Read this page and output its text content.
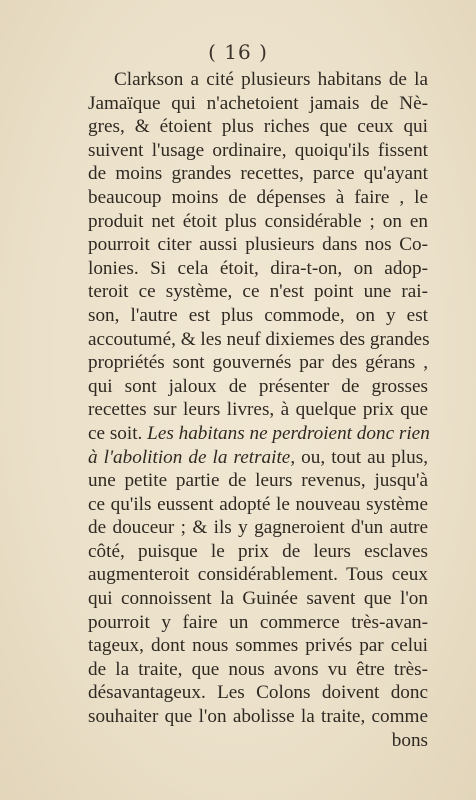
( 16 )
Clarkson a cité plusieurs habitans de la
Jamaïque qui n'achetoient jamais de Nè-
gres, & étoient plus riches que ceux qui
suivent l'usage ordinaire, quoiqu'ils fissent
de moins grandes recettes, parce qu'ayant
beaucoup moins de dépenses à faire , le
produit net étoit plus considérable ; on en
pourroit citer aussi plusieurs dans nos Co-
lonies. Si cela étoit, dira-t-on, on adop-
teroit ce système, ce n'est point une rai-
son, l'autre est plus commode, on y est
accoutumé, & les neuf dixiemes des grandes
propriétés sont gouvernés par des gérans ,
qui sont jaloux de présenter de grosses
recettes sur leurs livres, à quelque prix que
ce soit. Les habitans ne perdroient donc rien
à l'abolition de la retraite, ou, tout au plus,
une petite partie de leurs revenus, jusqu'à
ce qu'ils eussent adopté le nouveau système
de douceur ; & ils y gagneroient d'un autre
côté, puisque le prix de leurs esclaves
augmenteroit considérablement. Tous ceux
qui connoissent la Guinée savent que l'on
pourroit y faire un commerce très-avan-
tageux, dont nous sommes privés par celui
de la traite, que nous avons vu être très-
désavantageux. Les Colons doivent donc
souhaiter que l'on abolisse la traite, comme
bons
